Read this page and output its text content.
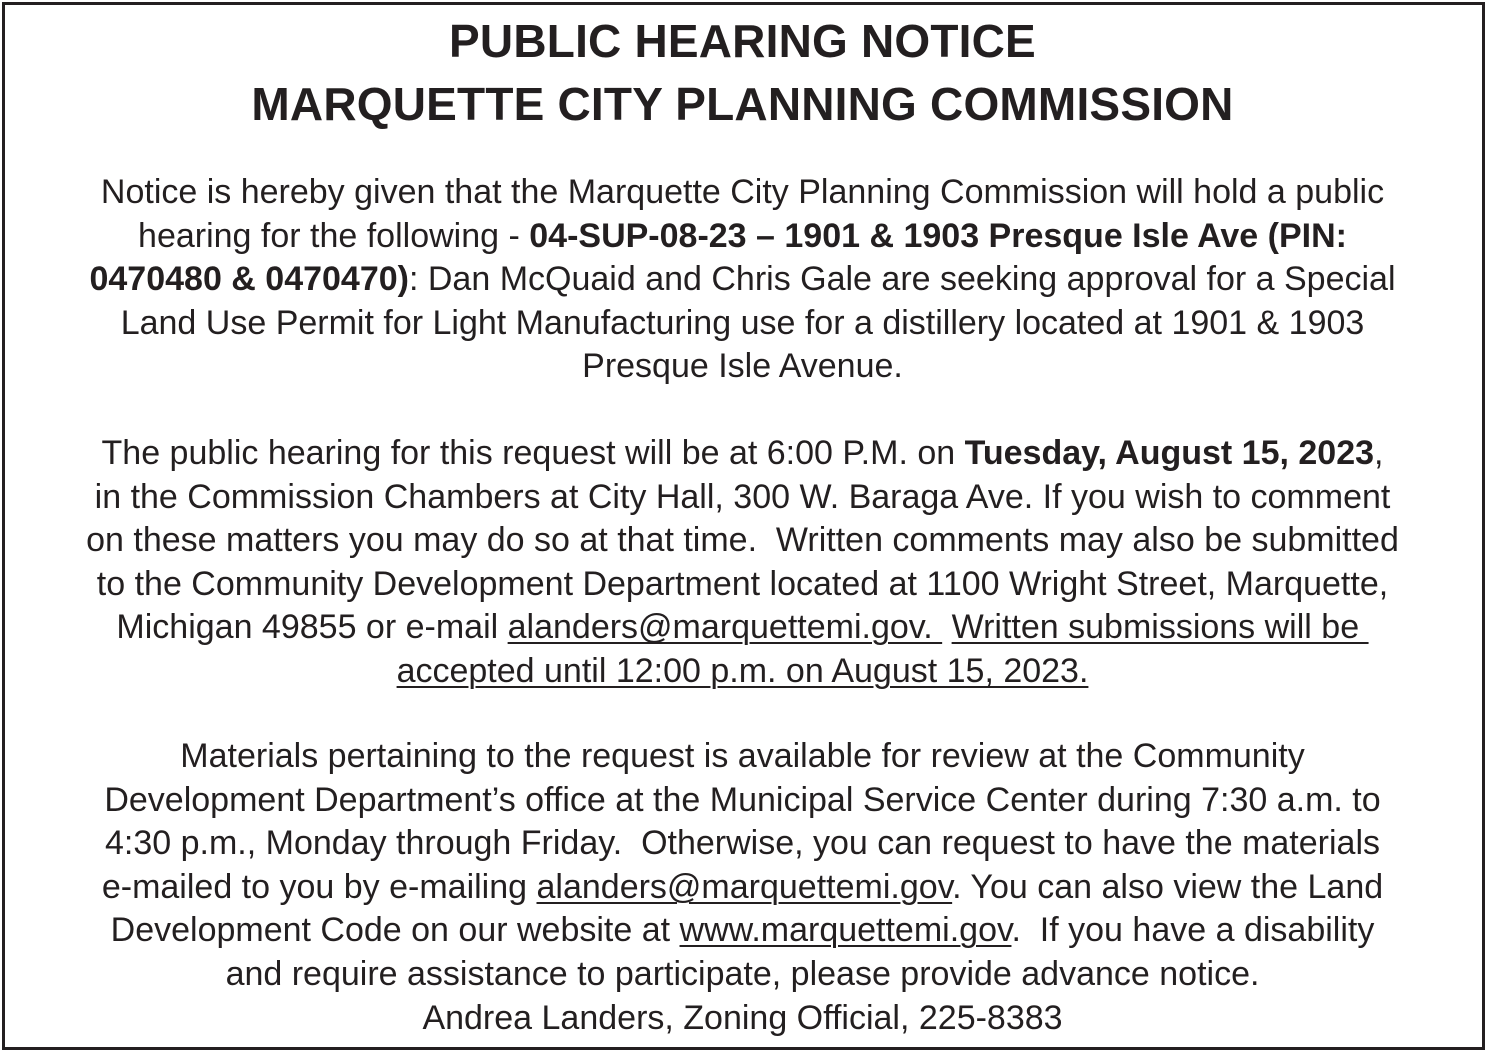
PUBLIC HEARING NOTICE
MARQUETTE CITY PLANNING COMMISSION
Notice is hereby given that the Marquette City Planning Commission will hold a public
hearing for the following - 04-SUP-08-23 – 1901 & 1903 Presque Isle Ave (PIN:
0470480 & 0470470): Dan McQuaid and Chris Gale are seeking approval for a Special
Land Use Permit for Light Manufacturing use for a distillery located at 1901 & 1903
Presque Isle Avenue.
The public hearing for this request will be at 6:00 P.M. on Tuesday, August 15, 2023,
in the Commission Chambers at City Hall, 300 W. Baraga Ave. If you wish to comment
on these matters you may do so at that time.  Written comments may also be submitted
to the Community Development Department located at 1100 Wright Street, Marquette,
Michigan 49855 or e-mail alanders@marquettemi.gov.  Written submissions will be
accepted until 12:00 p.m. on August 15, 2023.
Materials pertaining to the request is available for review at the Community
Development Department’s office at the Municipal Service Center during 7:30 a.m. to
4:30 p.m., Monday through Friday.  Otherwise, you can request to have the materials
e-mailed to you by e-mailing alanders@marquettemi.gov. You can also view the Land
Development Code on our website at www.marquettemi.gov.  If you have a disability
and require assistance to participate, please provide advance notice.
Andrea Landers, Zoning Official, 225-8383
